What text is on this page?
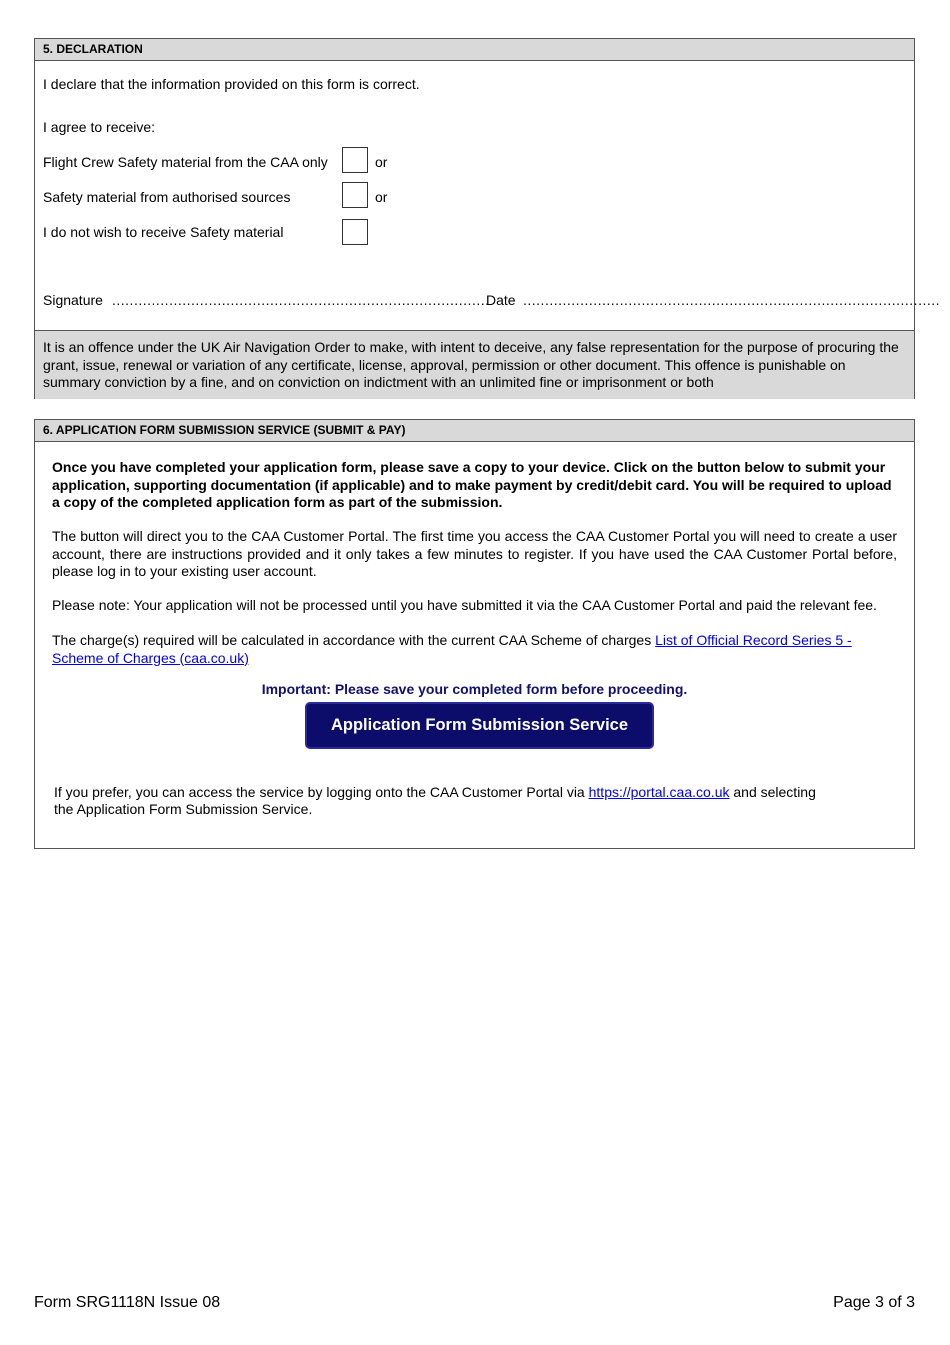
5. DECLARATION
I declare that the information provided on this form is correct.
I agree to receive:
Flight Crew Safety material from the CAA only	or
Safety material from authorised sources	or
I do not wish to receive Safety material
Signature ......................................................................................
Date ...............................................................................................
It is an offence under the UK Air Navigation Order to make, with intent to deceive, any false representation for the purpose of procuring the grant, issue, renewal or variation of any certificate, license, approval, permission or other document. This offence is punishable on summary conviction by a fine, and on conviction on indictment with an unlimited fine or imprisonment or both
6. APPLICATION FORM SUBMISSION SERVICE (SUBMIT & PAY)
Once you have completed your application form, please save a copy to your device. Click on the button below to submit your application, supporting documentation (if applicable) and to make payment by credit/debit card. You will be required to upload a copy of the completed application form as part of the submission.
The button will direct you to the CAA Customer Portal. The first time you access the CAA Customer Portal you will need to create a user account, there are instructions provided and it only takes a few minutes to register. If you have used the CAA Customer Portal before, please log in to your existing user account.
Please note: Your application will not be processed until you have submitted it via the CAA Customer Portal and paid the relevant fee.
The charge(s) required will be calculated in accordance with the current CAA Scheme of charges List of Official Record Series 5 - Scheme of Charges (caa.co.uk)
Important: Please save your completed form before proceeding.
Application Form Submission Service
If you prefer, you can access the service by logging onto the CAA Customer Portal via https://portal.caa.co.uk and selecting
the Application Form Submission Service.
Form SRG1118N Issue 08	Page 3 of 3
